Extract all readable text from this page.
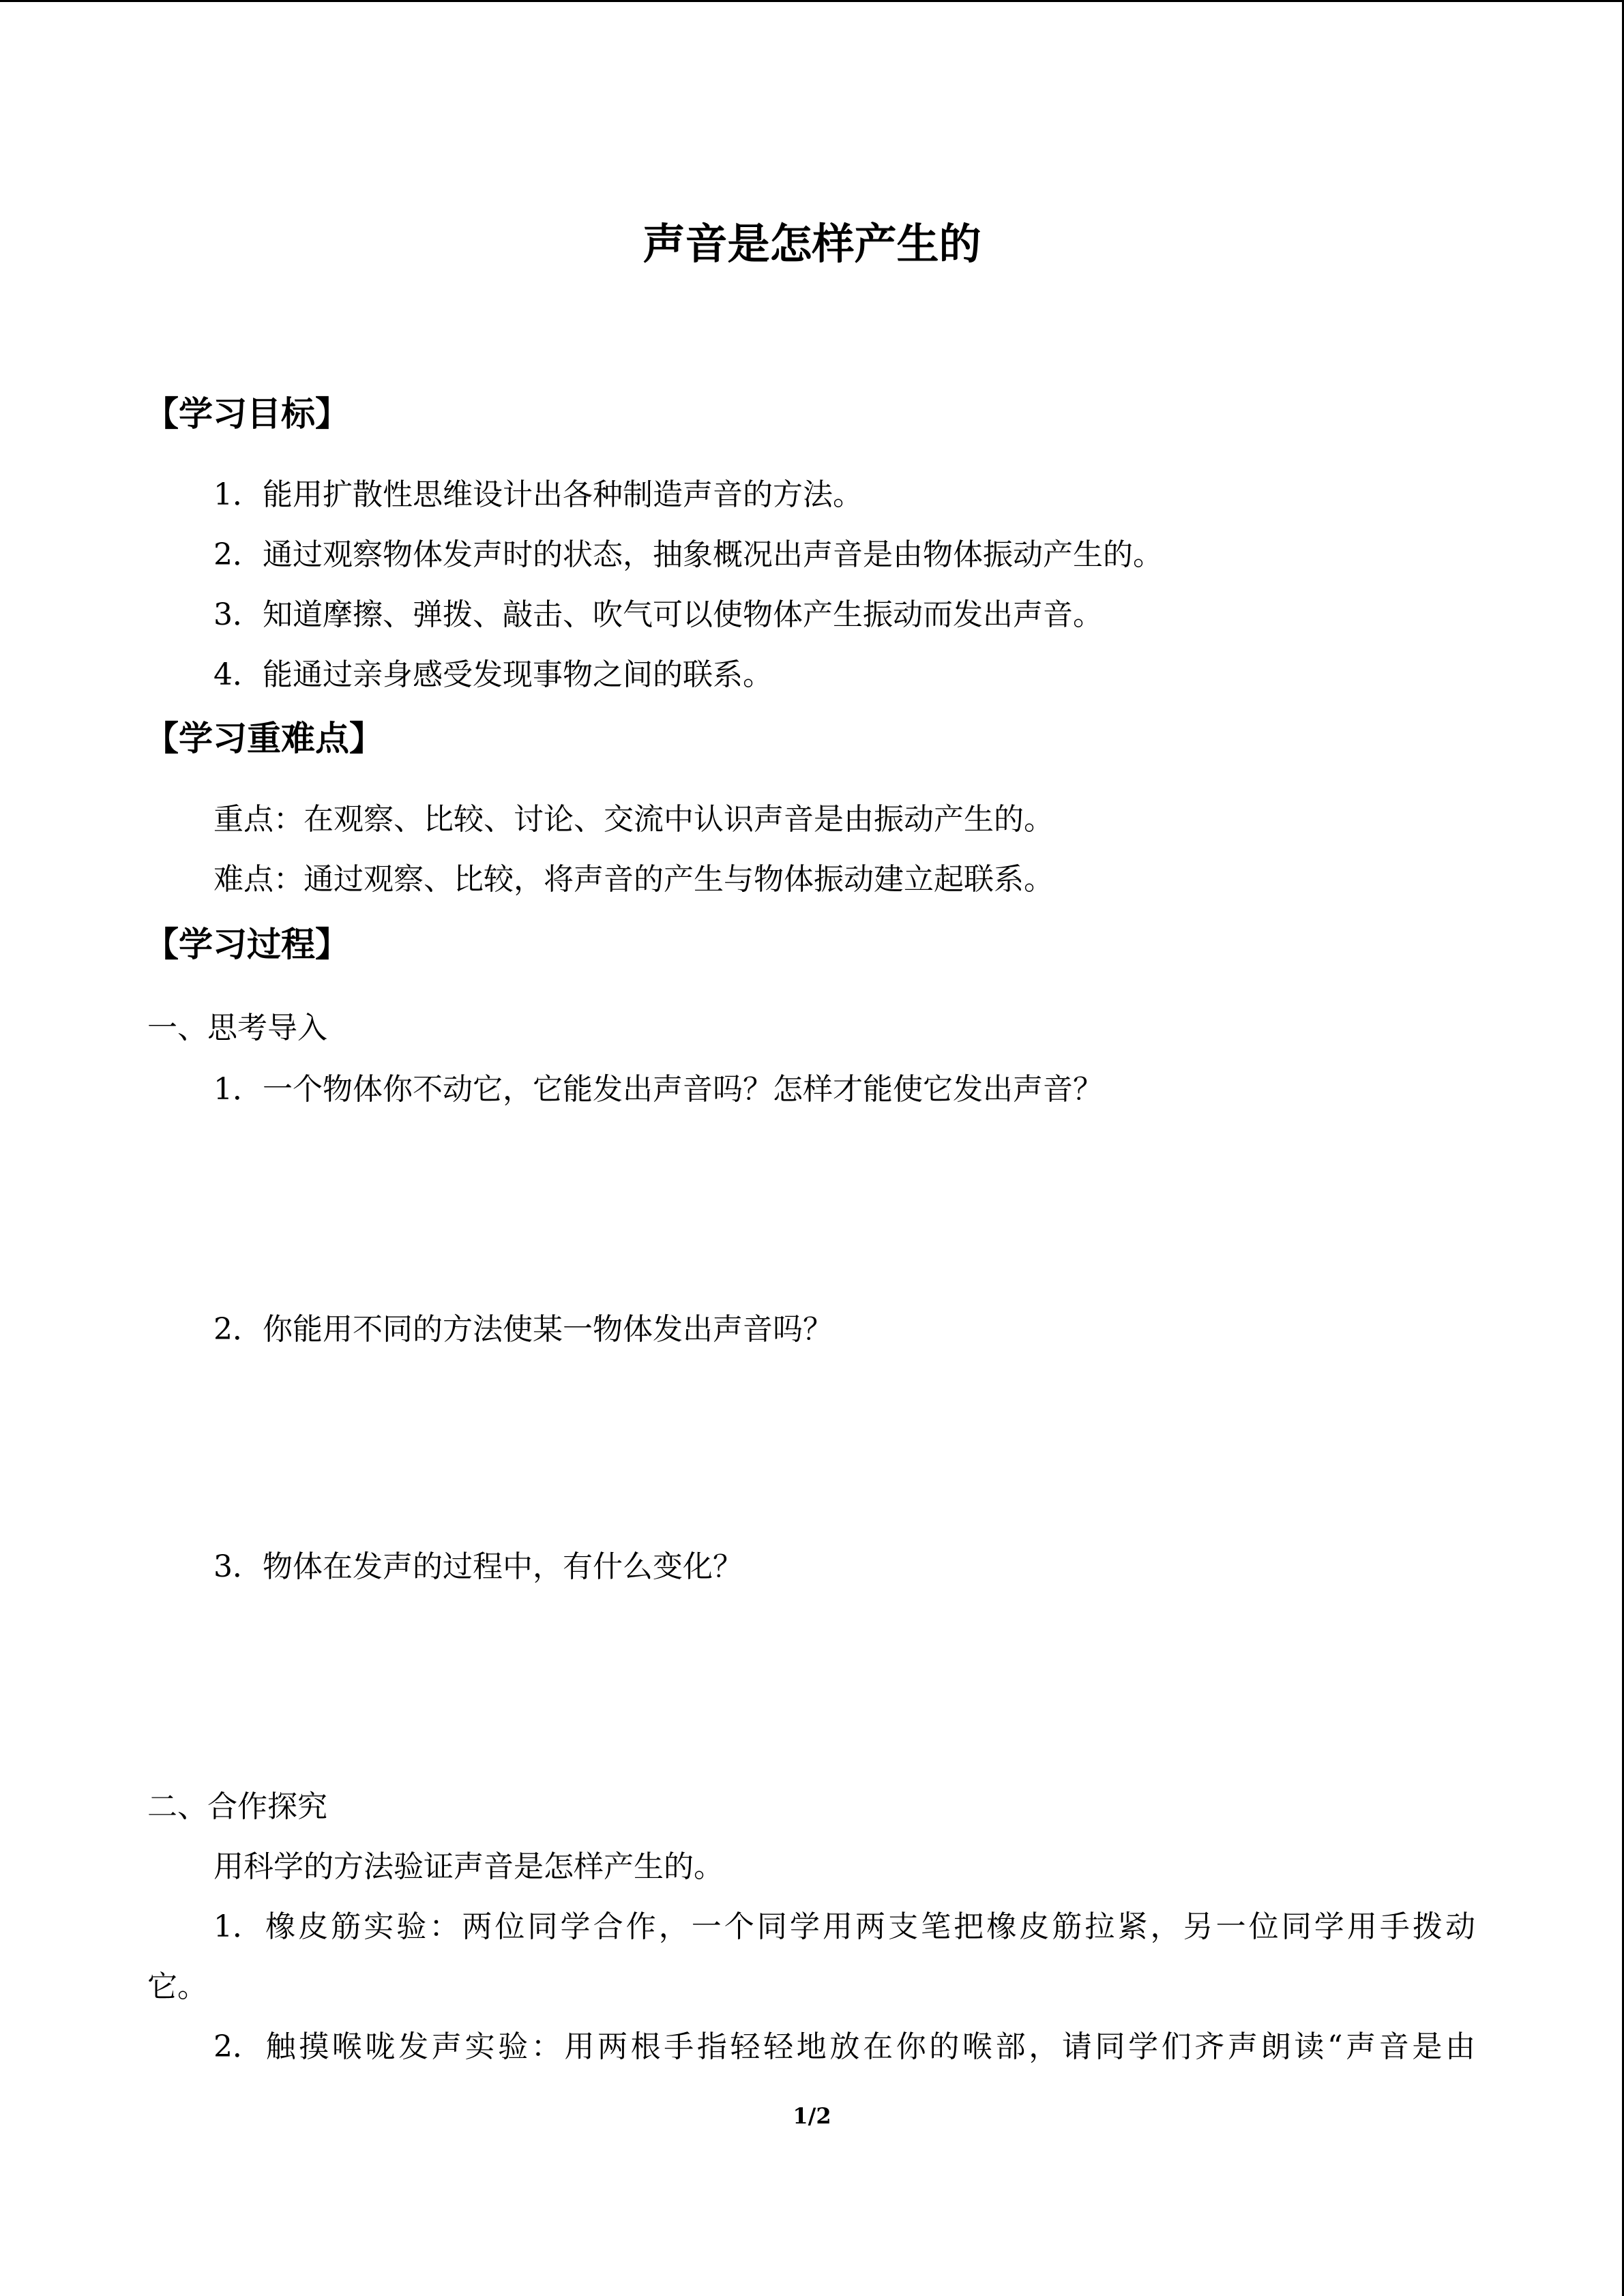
声音是怎样产生的
【学习目标】

1．能用扩散性思维设计出各种制造声音的方法。

2．通过观察物体发声时的状态，抽象概况出声音是由物体振动产生的。

3．知道摩擦、弹拨、敲击、吹气可以使物体产生振动而发出声音。

4．能通过亲身感受发现事物之间的联系。

【学习重难点】

重点：在观察、比较、讨论、交流中认识声音是由振动产生的。

难点：通过观察、比较，将声音的产生与物体振动建立起联系。

【学习过程】

一、思考导入

1．一个物体你不动它，它能发出声音吗？怎样才能使它发出声音？

2．你能用不同的方法使某一物体发出声音吗？

3．物体在发声的过程中，有什么变化？

二、合作探究

用科学的方法验证声音是怎样产生的。

1．橡皮筋实验：两位同学合作，一个同学用两支笔把橡皮筋拉紧，另一位同学用手拨动

它。

2．触摸喉咙发声实验：用两根手指轻轻地放在你的喉部，请同学们齐声朗读“声音是由

1/2
